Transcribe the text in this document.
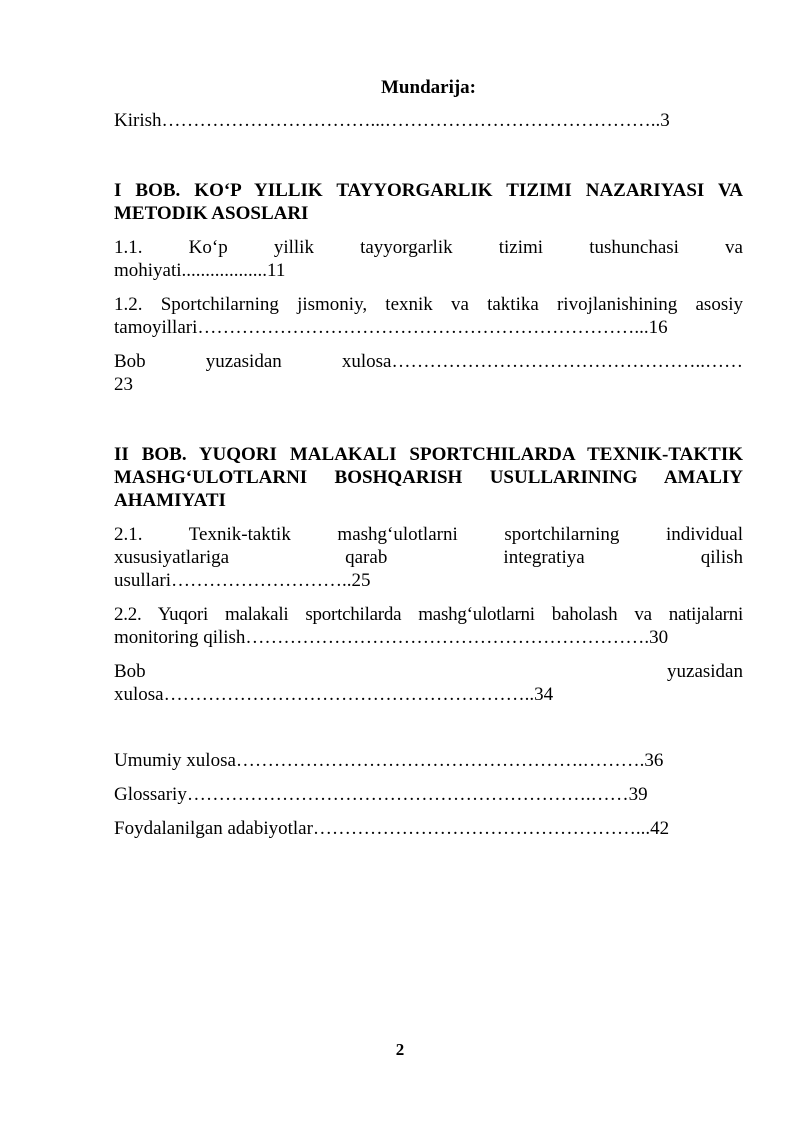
Mundarija:
Kirish……………………………...……………………………………..3
I BOB. KO‘P YILLIK TAYYORGARLIK TIZIMI NAZARIYASI VA METODIK ASOSLARI
1.1. Ko‘p yillik tayyorgarlik tizimi tushunchasi va
mohiyati..................11
1.2. Sportchilarning jismoniy, texnik va taktika rivojlanishining asosiy
tamoyillari……………………………………………………………...16
Bob yuzasidan xulosa…………………………………………..……
23
II BOB. YUQORI MALAKALI SPORTCHILARDA TEXNIK-TAKTIK MASHG‘ULOTLARNI BOSHQARISH USULLARINING AMALIY AHAMIYATI
2.1. Texnik-taktik mashg‘ulotlarni sportchilarning individual
xususiyatlariga qarab integratiya qilish
usullari………………………..25
2.2. Yuqori malakali sportchilarda mashg‘ulotlarni baholash va natijalarni
monitoring qilish……………………………………………………….30
Bob yuzasidan
xulosa…………………………………………………..34
Umumiy xulosa……………………………………………….……….36
Glossariy……………………………………………………….……39
Foydalanilgan adabiyotlar……………………………………………...42
2
